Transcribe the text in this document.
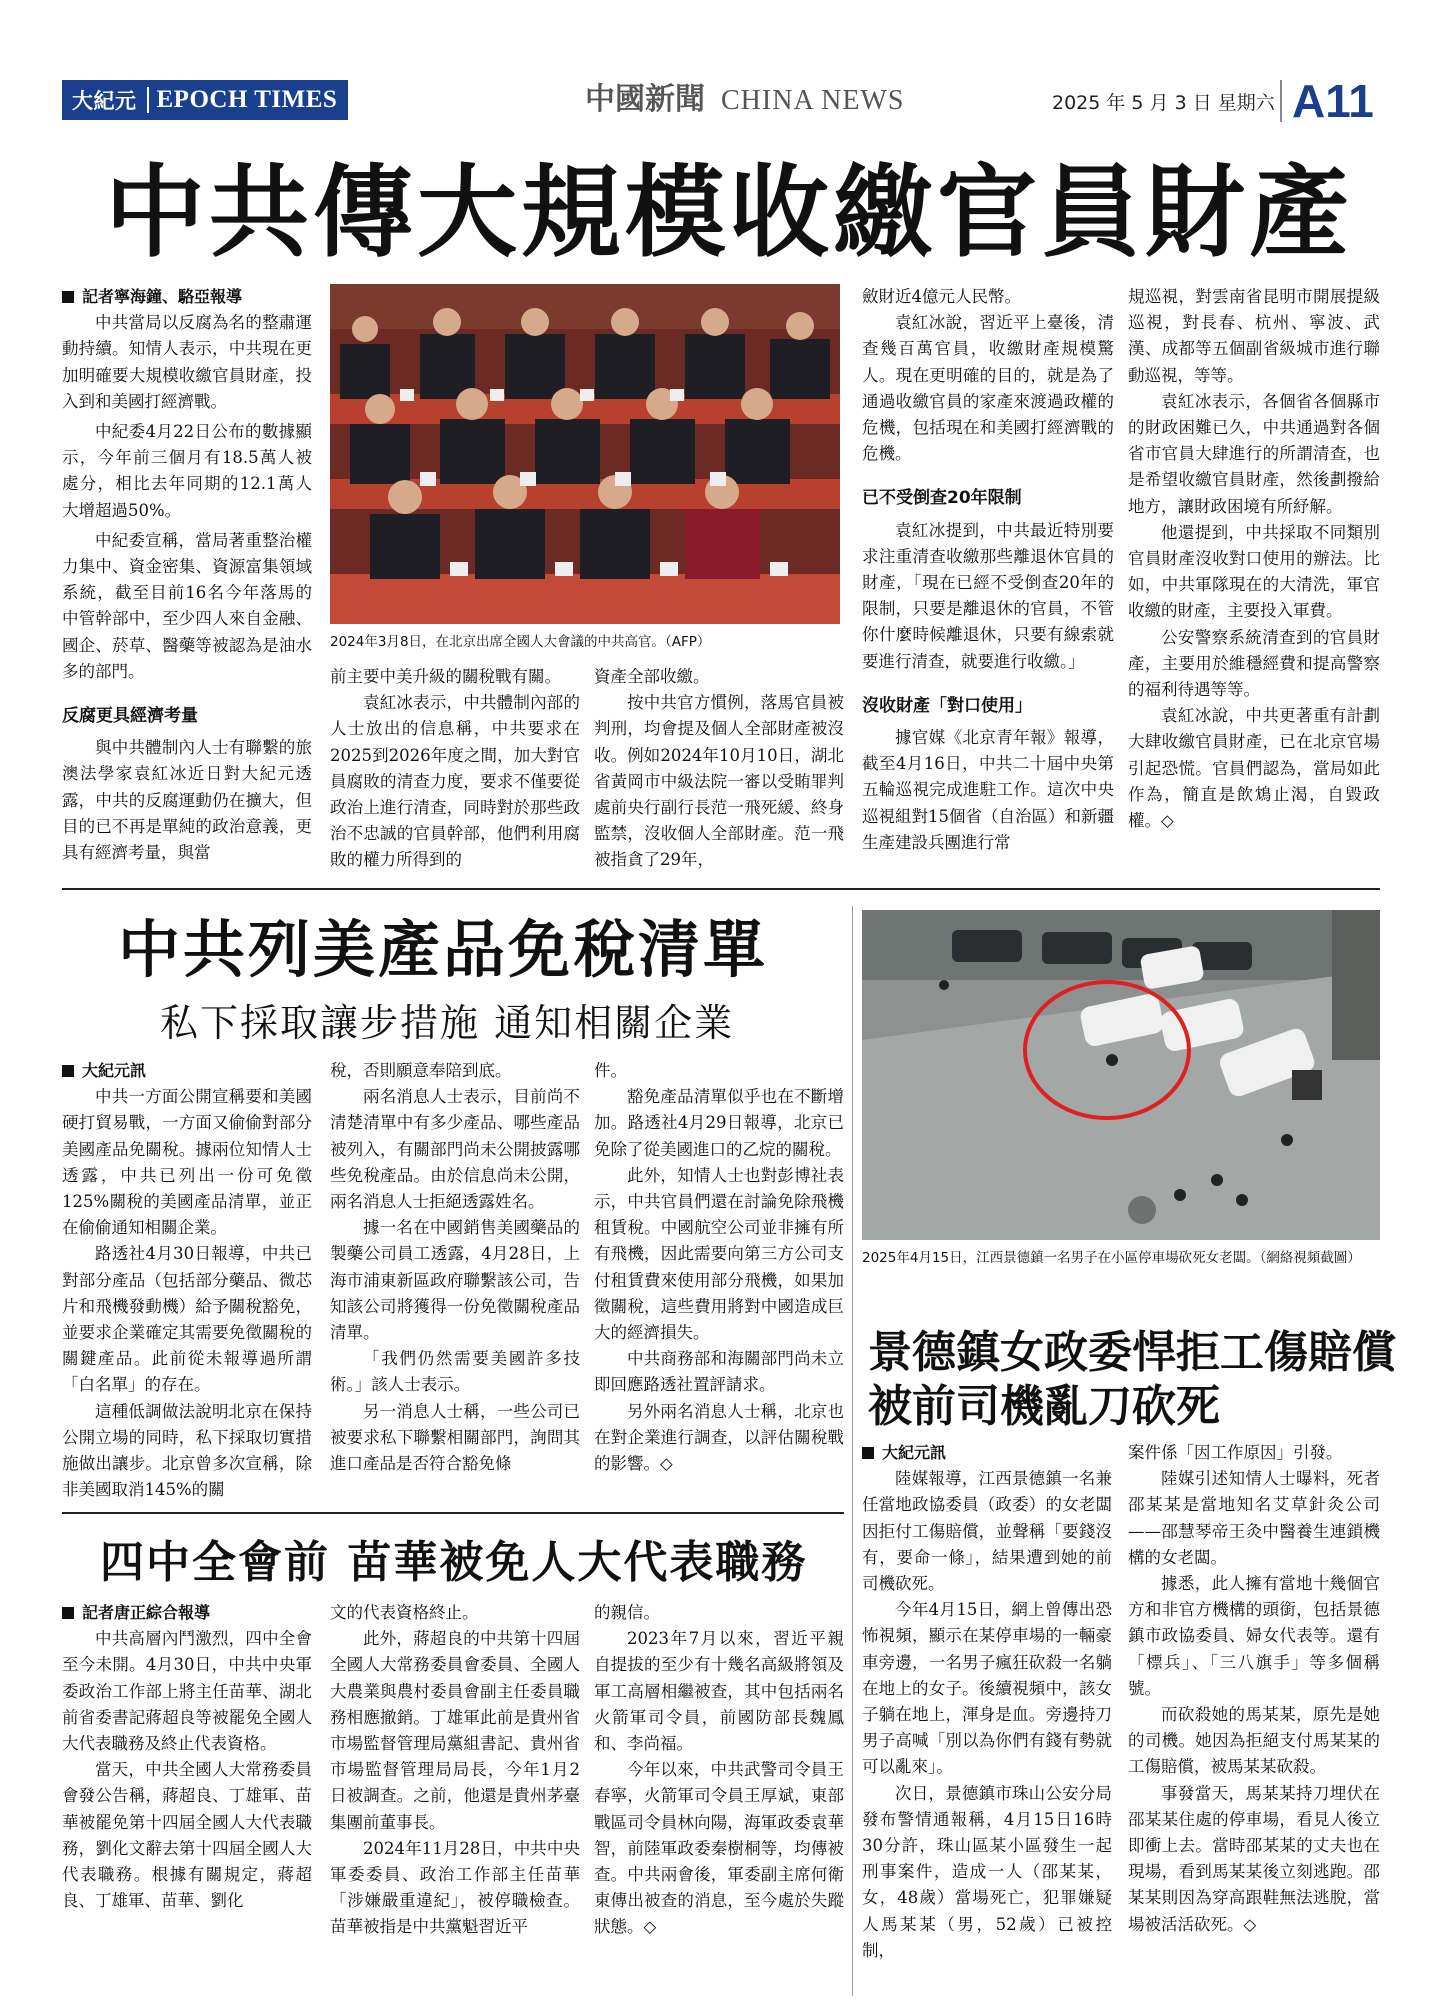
大紀元 EPOCH TIMES	中國新聞 CHINA NEWS	2025 年 5 月 3 日 星期六 A11
中共傳大規模收繳官員財產
記者寧海鐘、駱亞報導

中共當局以反腐為名的整肅運動持續。知情人表示，中共現在更加明確要大規模收繳官員財產，投入到和美國打經濟戰。

中紀委4月22日公布的數據顯示，今年前三個月有18.5萬人被處分，相比去年同期的12.1萬人大增超過50%。

中紀委宣稱，當局著重整治權力集中、資金密集、資源富集領域系統，截至目前16名今年落馬的中管幹部中，至少四人來自金融、國企、菸草、醫藥等被認為是油水多的部門。

反腐更具經濟考量

與中共體制內人士有聯繫的旅澳法學家袁紅冰近日對大紀元透露，中共的反腐運動仍在擴大，但目的已不再是單純的政治意義，更具有經濟考量，與當

2024年3月8日，在北京出席全國人大會議的中共高官。（AFP）

前主要中美升級的關稅戰有關。

袁紅冰表示，中共體制內部的人士放出的信息稱，中共要求在2025到2026年度之間，加大對官員腐敗的清查力度，要求不僅要從政治上進行清查，同時對於那些政治不忠誠的官員幹部，他們利用腐敗的權力所得到的

資產全部收繳。

按中共官方慣例，落馬官員被判刑，均會提及個人全部財產被沒收。例如2024年10月10日，湖北省黃岡市中級法院一審以受賄罪判處前央行副行長范一飛死緩、終身監禁，沒收個人全部財產。范一飛被指貪了29年，

斂財近4億元人民幣。

袁紅冰說，習近平上臺後，清查幾百萬官員，收繳財產規模驚人。現在更明確的目的，就是為了通過收繳官員的家產來渡過政權的危機，包括現在和美國打經濟戰的危機。

已不受倒查20年限制

袁紅冰提到，中共最近特別要求注重清查收繳那些離退休官員的財產，「現在已經不受倒查20年的限制，只要是離退休的官員，不管你什麼時候離退休，只要有線索就要進行清查，就要進行收繳。」

沒收財產「對口使用」

據官媒《北京青年報》報導，截至4月16日，中共二十屆中央第五輪巡視完成進駐工作。這次中央巡視組對15個省（自治區）和新疆生產建設兵團進行常

規巡視，對雲南省昆明市開展提級巡視，對長春、杭州、寧波、武漢、成都等五個副省級城市進行聯動巡視，等等。

袁紅冰表示，各個省各個縣市的財政困難已久，中共通過對各個省市官員大肆進行的所謂清查，也是希望收繳官員財產，然後劃撥給地方，讓財政困境有所紓解。

他還提到，中共採取不同類別官員財產沒收對口使用的辦法。比如，中共軍隊現在的大清洗，軍官收繳的財產，主要投入軍費。

公安警察系統清查到的官員財產，主要用於維穩經費和提高警察的福利待遇等等。

袁紅冰說，中共更著重有計劃大肆收繳官員財產，已在北京官場引起恐慌。官員們認為，當局如此作為，簡直是飲鴆止渴，自毀政權。◇

中共列美產品免稅清單
私下採取讓步措施 通知相關企業
大紀元訊

中共一方面公開宣稱要和美國硬打貿易戰，一方面又偷偷對部分美國產品免關稅。據兩位知情人士透露，中共已列出一份可免徵125%關稅的美國產品清單，並正在偷偷通知相關企業。

路透社4月30日報導，中共已對部分產品（包括部分藥品、微芯片和飛機發動機）給予關稅豁免，並要求企業確定其需要免徵關稅的關鍵產品。此前從未報導過所謂「白名單」的存在。

這種低調做法說明北京在保持公開立場的同時，私下採取切實措施做出讓步。北京曾多次宣稱，除非美國取消145%的關

稅，否則願意奉陪到底。

兩名消息人士表示，目前尚不清楚清單中有多少產品、哪些產品被列入，有關部門尚未公開披露哪些免稅產品。由於信息尚未公開，兩名消息人士拒絕透露姓名。

據一名在中國銷售美國藥品的製藥公司員工透露，4月28日，上海市浦東新區政府聯繫該公司，告知該公司將獲得一份免徵關稅產品清單。

「我們仍然需要美國許多技術。」該人士表示。

另一消息人士稱，一些公司已被要求私下聯繫相關部門，詢問其進口產品是否符合豁免條

件。

豁免產品清單似乎也在不斷增加。路透社4月29日報導，北京已免除了從美國進口的乙烷的關稅。

此外，知情人士也對彭博社表示，中共官員們還在討論免除飛機租賃稅。中國航空公司並非擁有所有飛機，因此需要向第三方公司支付租賃費來使用部分飛機，如果加徵關稅，這些費用將對中國造成巨大的經濟損失。

中共商務部和海關部門尚未立即回應路透社置評請求。

另外兩名消息人士稱，北京也在對企業進行調查，以評估關稅戰的影響。◇

四中全會前 苗華被免人大代表職務
記者唐正綜合報導

中共高層內鬥激烈，四中全會至今未開。4月30日，中共中央軍委政治工作部上將主任苗華、湖北前省委書記蔣超良等被罷免全國人大代表職務及終止代表資格。

當天，中共全國人大常務委員會發公告稱，蔣超良、丁雄軍、苗華被罷免第十四屆全國人大代表職務，劉化文辭去第十四屆全國人大代表職務。根據有關規定，蔣超良、丁雄軍、苗華、劉化

文的代表資格終止。

此外，蔣超良的中共第十四屆全國人大常務委員會委員、全國人大農業與農村委員會副主任委員職務相應撤銷。丁雄軍此前是貴州省市場監督管理局黨組書記、貴州省市場監督管理局局長，今年1月2日被調查。之前，他還是貴州茅臺集團前董事長。

2024年11月28日，中共中央軍委委員、政治工作部主任苗華「涉嫌嚴重違紀」，被停職檢查。苗華被指是中共黨魁習近平

的親信。

2023年7月以來，習近平親自提拔的至少有十幾名高級將領及軍工高層相繼被查，其中包括兩名火箭軍司令員，前國防部長魏鳳和、李尚福。

今年以來，中共武警司令員王春寧，火箭軍司令員王厚斌，東部戰區司令員林向陽，海軍政委袁華智，前陸軍政委秦樹桐等，均傳被查。中共兩會後，軍委副主席何衛東傳出被查的消息，至今處於失蹤狀態。◇

2025年4月15日，江西景德鎮一名男子在小區停車場砍死女老闆。（網絡視頻截圖）
景德鎮女政委悍拒工傷賠償
被前司機亂刀砍死
大紀元訊

陸媒報導，江西景德鎮一名兼任當地政協委員（政委）的女老闆因拒付工傷賠償，並聲稱「要錢沒有，要命一條」，結果遭到她的前司機砍死。

今年4月15日，網上曾傳出恐怖視頻，顯示在某停車場的一輛豪車旁邊，一名男子瘋狂砍殺一名躺在地上的女子。後續視頻中，該女子躺在地上，渾身是血。旁邊持刀男子高喊「別以為你們有錢有勢就可以亂來」。

次日，景德鎮市珠山公安分局發布警情通報稱，4月15日16時30分許，珠山區某小區發生一起刑事案件，造成一人（邵某某，女，48歲）當場死亡，犯罪嫌疑人馬某某（男，52歲）已被控制，

案件係「因工作原因」引發。

陸媒引述知情人士曝料，死者邵某某是當地知名艾草針灸公司——邵慧琴帝王灸中醫養生連鎖機構的女老闆。

據悉，此人擁有當地十幾個官方和非官方機構的頭銜，包括景德鎮市政協委員、婦女代表等。還有「標兵」、「三八旗手」等多個稱號。

而砍殺她的馬某某，原先是她的司機。她因為拒絕支付馬某某的工傷賠償，被馬某某砍殺。

事發當天，馬某某持刀埋伏在邵某某住處的停車場，看見人後立即衝上去。當時邵某某的丈夫也在現場，看到馬某某後立刻逃跑。邵某某則因為穿高跟鞋無法逃脫，當場被活活砍死。◇
